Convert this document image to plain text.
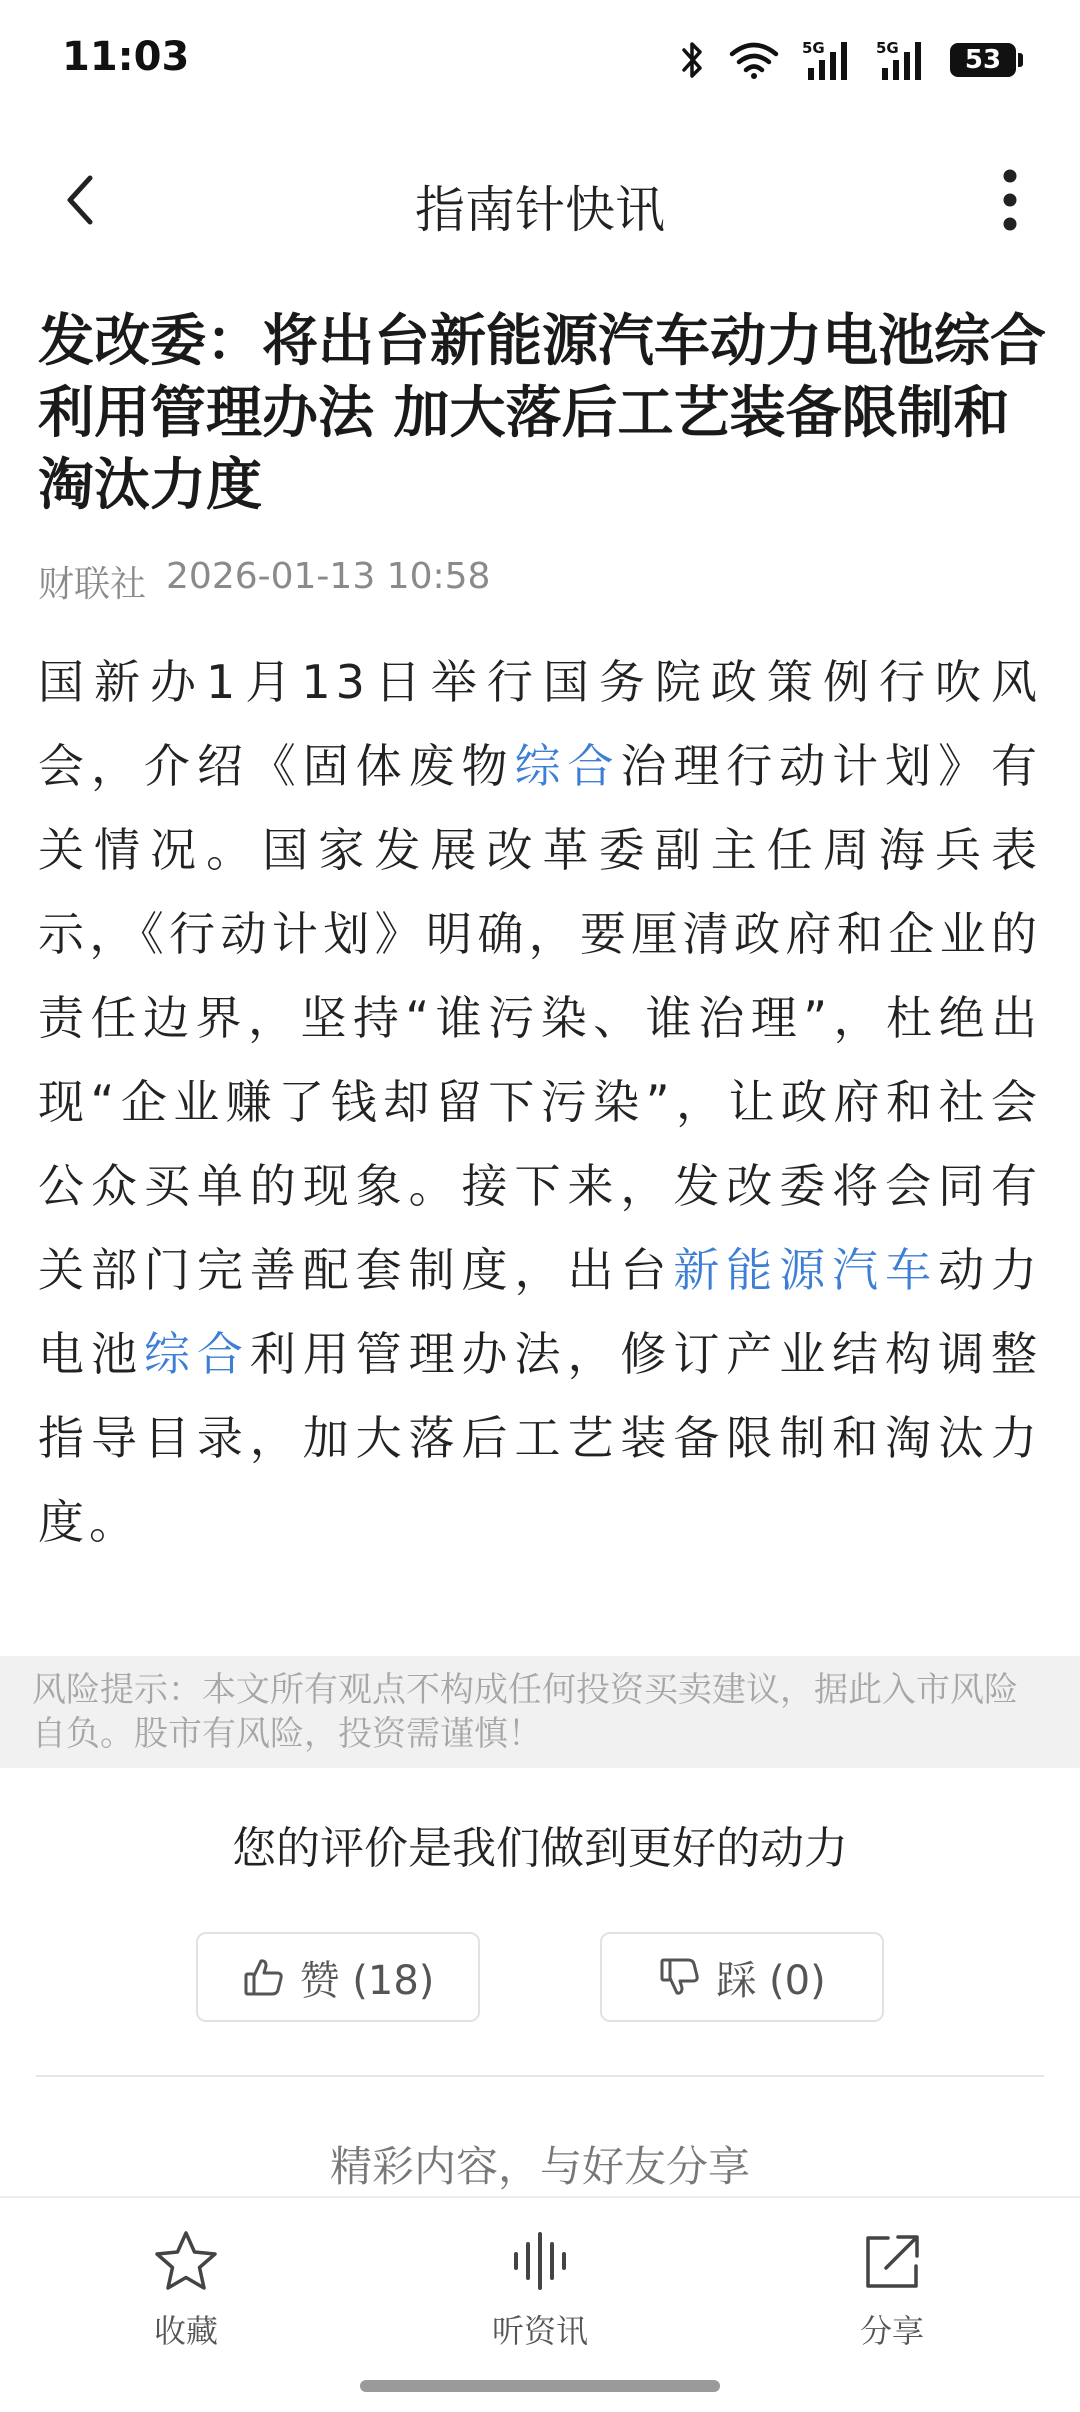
11:03	5G	5G	53
指南针快讯
发改委：将出台新能源汽车动力电池综合利用管理办法 加大落后工艺装备限制和淘汰力度
财联社 2026-01-13 10:58

国新办1月13日举行国务院政策例行吹风会，介绍《固体废物综合治理行动计划》有关情况。国家发展改革委副主任周海兵表示，《行动计划》明确，要厘清政府和企业的责任边界，坚持“谁污染、谁治理”，杜绝出现“企业赚了钱却留下污染”，让政府和社会公众买单的现象。接下来，发改委将会同有关部门完善配套制度，出台新能源汽车动力电池综合利用管理办法，修订产业结构调整指导目录，加大落后工艺装备限制和淘汰力度。

风险提示：本文所有观点不构成任何投资买卖建议，据此入市风险自负。股市有风险，投资需谨慎！
您的评价是我们做到更好的动力
赞 (18)	踩 (0)
精彩内容，与好友分享
收藏	听资讯	分享
